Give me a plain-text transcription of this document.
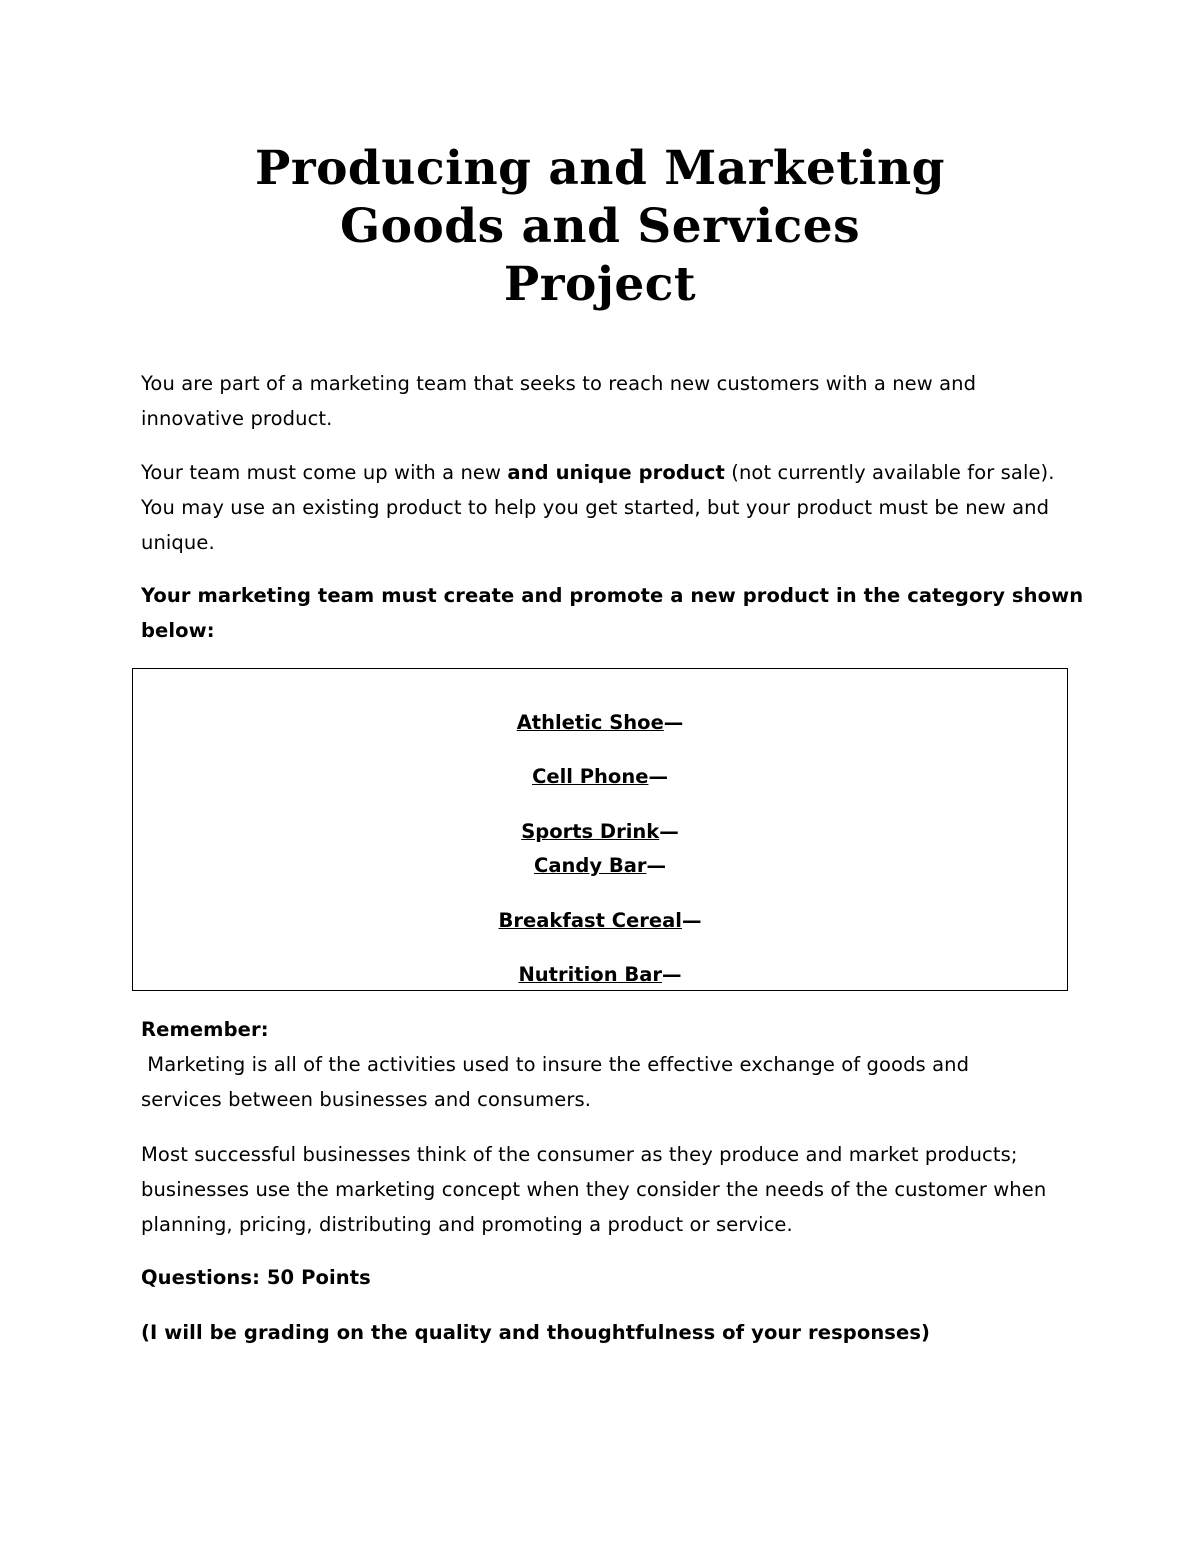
Producing and Marketing
Goods and Services
Project
You are part of a marketing team that seeks to reach new customers with a new and
innovative product.
Your team must come up with a new and unique product (not currently available for sale).
You may use an existing product to help you get started, but your product must be new and
unique.
Your marketing team must create and promote a new product in the category shown
below:
Athletic Shoe—
Cell Phone—
Sports Drink—
Candy Bar—
Breakfast Cereal—
Nutrition Bar—
Remember:
Marketing is all of the activities used to insure the effective exchange of goods and
services between businesses and consumers.
Most successful businesses think of the consumer as they produce and market products;
businesses use the marketing concept when they consider the needs of the customer when
planning, pricing, distributing and promoting a product or service.
Questions: 50 Points
(I will be grading on the quality and thoughtfulness of your responses)
